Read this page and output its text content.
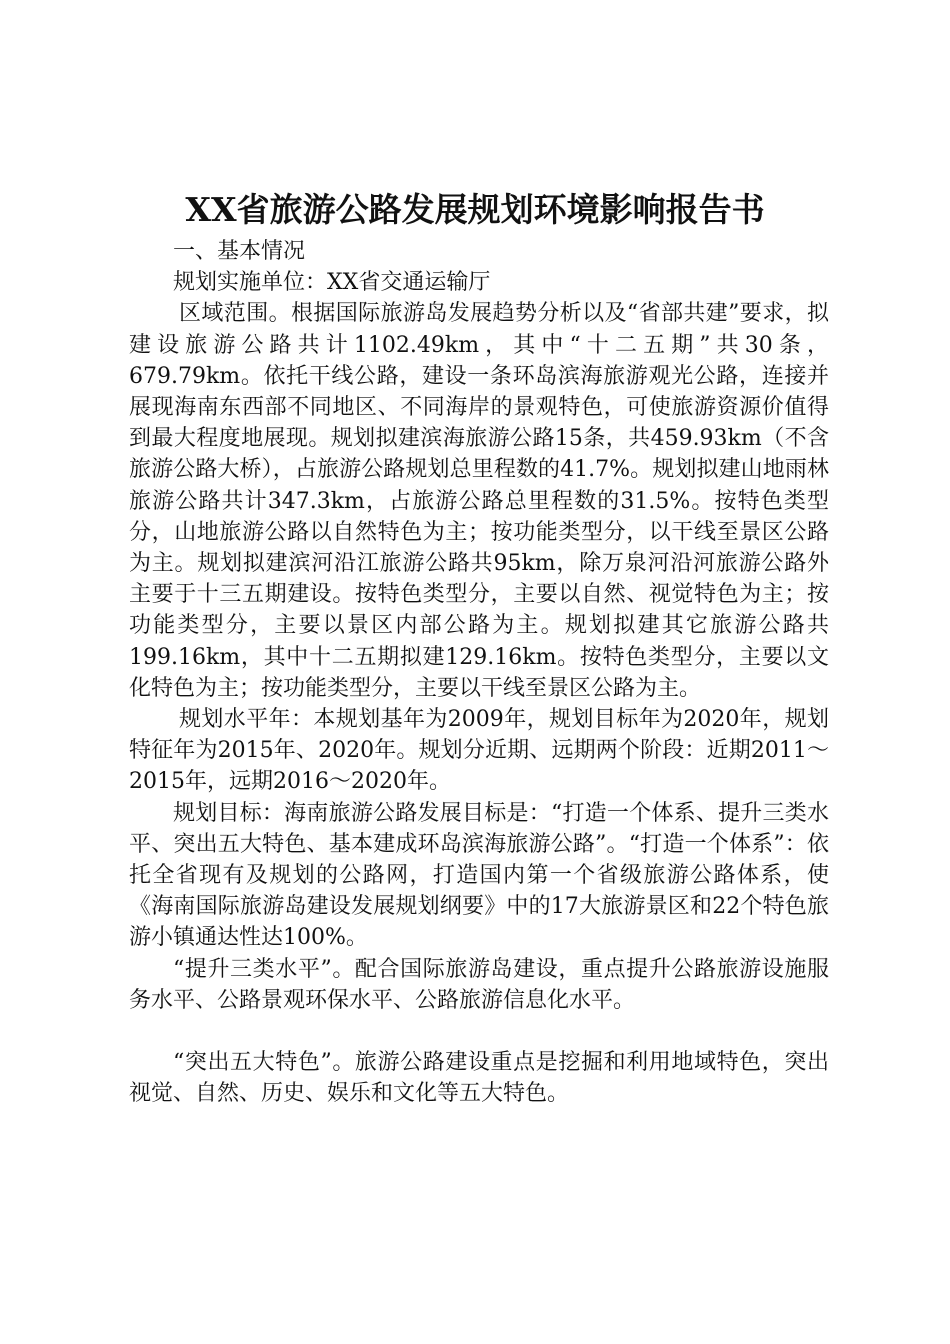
XX省旅游公路发展规划环境影响报告书

一、基本情况

规划实施单位：XX省交通运输厅

区域范围。根据国际旅游岛发展趋势分析以及“省部共建”要求，拟建设旅游公路共计1102.49km，其中“十二五期”共30条，679.79km。依托干线公路，建设一条环岛滨海旅游观光公路，连接并展现海南东西部不同地区、不同海岸的景观特色，可使旅游资源价值得到最大程度地展现。规划拟建滨海旅游公路15条，共459.93km（不含旅游公路大桥），占旅游公路规划总里程数的41.7%。规划拟建山地雨林旅游公路共计347.3km，占旅游公路总里程数的31.5%。按特色类型分，山地旅游公路以自然特色为主；按功能类型分，以干线至景区公路为主。规划拟建滨河沿江旅游公路共95km，除万泉河沿河旅游公路外主要于十三五期建设。按特色类型分，主要以自然、视觉特色为主；按功能类型分，主要以景区内部公路为主。规划拟建其它旅游公路共199.16km，其中十二五期拟建129.16km。按特色类型分，主要以文化特色为主；按功能类型分，主要以干线至景区公路为主。

规划水平年：本规划基年为2009年，规划目标年为2020年，规划特征年为2015年、2020年。规划分近期、远期两个阶段：近期2011～2015年，远期2016～2020年。

规划目标：海南旅游公路发展目标是：“打造一个体系、提升三类水平、突出五大特色、基本建成环岛滨海旅游公路”。“打造一个体系”：依托全省现有及规划的公路网，打造国内第一个省级旅游公路体系，使《海南国际旅游岛建设发展规划纲要》中的17大旅游景区和22个特色旅游小镇通达性达100%。

“提升三类水平”。配合国际旅游岛建设，重点提升公路旅游设施服务水平、公路景观环保水平、公路旅游信息化水平。

“突出五大特色”。旅游公路建设重点是挖掘和利用地域特色，突出视觉、自然、历史、娱乐和文化等五大特色。
